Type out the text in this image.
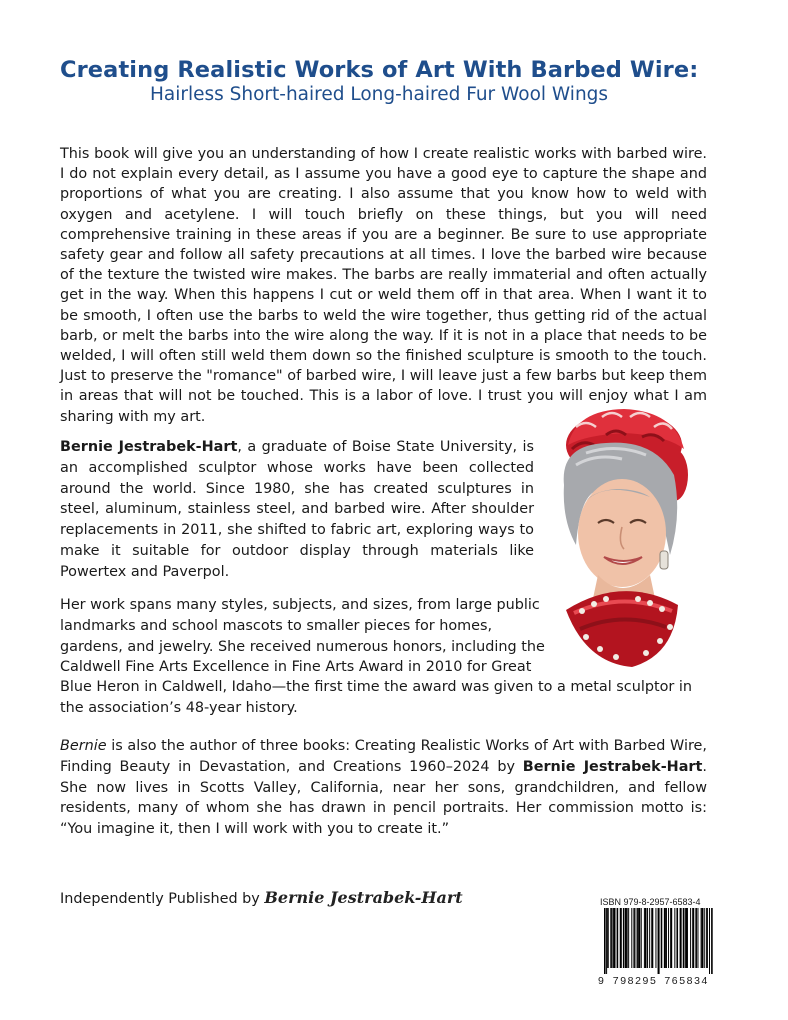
Creating Realistic Works of Art With Barbed Wire:
Hairless Short-haired Long-haired Fur Wool Wings

This book will give you an understanding of how I create realistic works with barbed wire. I do not explain every detail, as I assume you have a good eye to capture the shape and proportions of what you are creating. I also assume that you know how to weld with oxygen and acetylene. I will touch briefly on these things, but you will need comprehensive training in these areas if you are a beginner. Be sure to use appropriate safety gear and follow all safety precautions at all times. I love the barbed wire because of the texture the twisted wire makes. The barbs are really immaterial and often actually get in the way. When this happens I cut or weld them off in that area. When I want it to be smooth, I often use the barbs to weld the wire together, thus getting rid of the actual barb, or melt the barbs into the wire along the way. If it is not in a place that needs to be welded, I will often still weld them down so the finished sculpture is smooth to the touch. Just to preserve the "romance" of barbed wire, I will leave just a few barbs but keep them in areas that will not be touched. This is a labor of love. I trust you will enjoy what I am sharing with my art.

Bernie Jestrabek-Hart, a graduate of Boise State University, is an accomplished sculptor whose works have been collected around the world. Since 1980, she has created sculptures in steel, aluminum, stainless steel, and barbed wire. After shoulder replacements in 2011, she shifted to fabric art, exploring ways to make it suitable for outdoor display through materials like Powertex and Paverpol.

Her work spans many styles, subjects, and sizes, from large public
landmarks and school mascots to smaller pieces for homes,
gardens, and jewelry. She received numerous honors, including the
Caldwell Fine Arts Excellence in Fine Arts Award in 2010 for Great

Blue Heron in Caldwell, Idaho—the first time the award was given to a metal sculptor in the association’s 48-year history.

Bernie is also the author of three books: Creating Realistic Works of Art with Barbed Wire, Finding Beauty in Devastation, and Creations 1960–2024 by Bernie Jestrabek-Hart. She now lives in Scotts Valley, California, near her sons, grandchildren, and fellow residents, many of whom she has drawn in pencil portraits. Her commission motto is: “You imagine it, then I will work with you to create it.”

Independently Published by Bernie Jestrabek-Hart	ISBN 979-8-2957-6583-4
9 798295 765834
